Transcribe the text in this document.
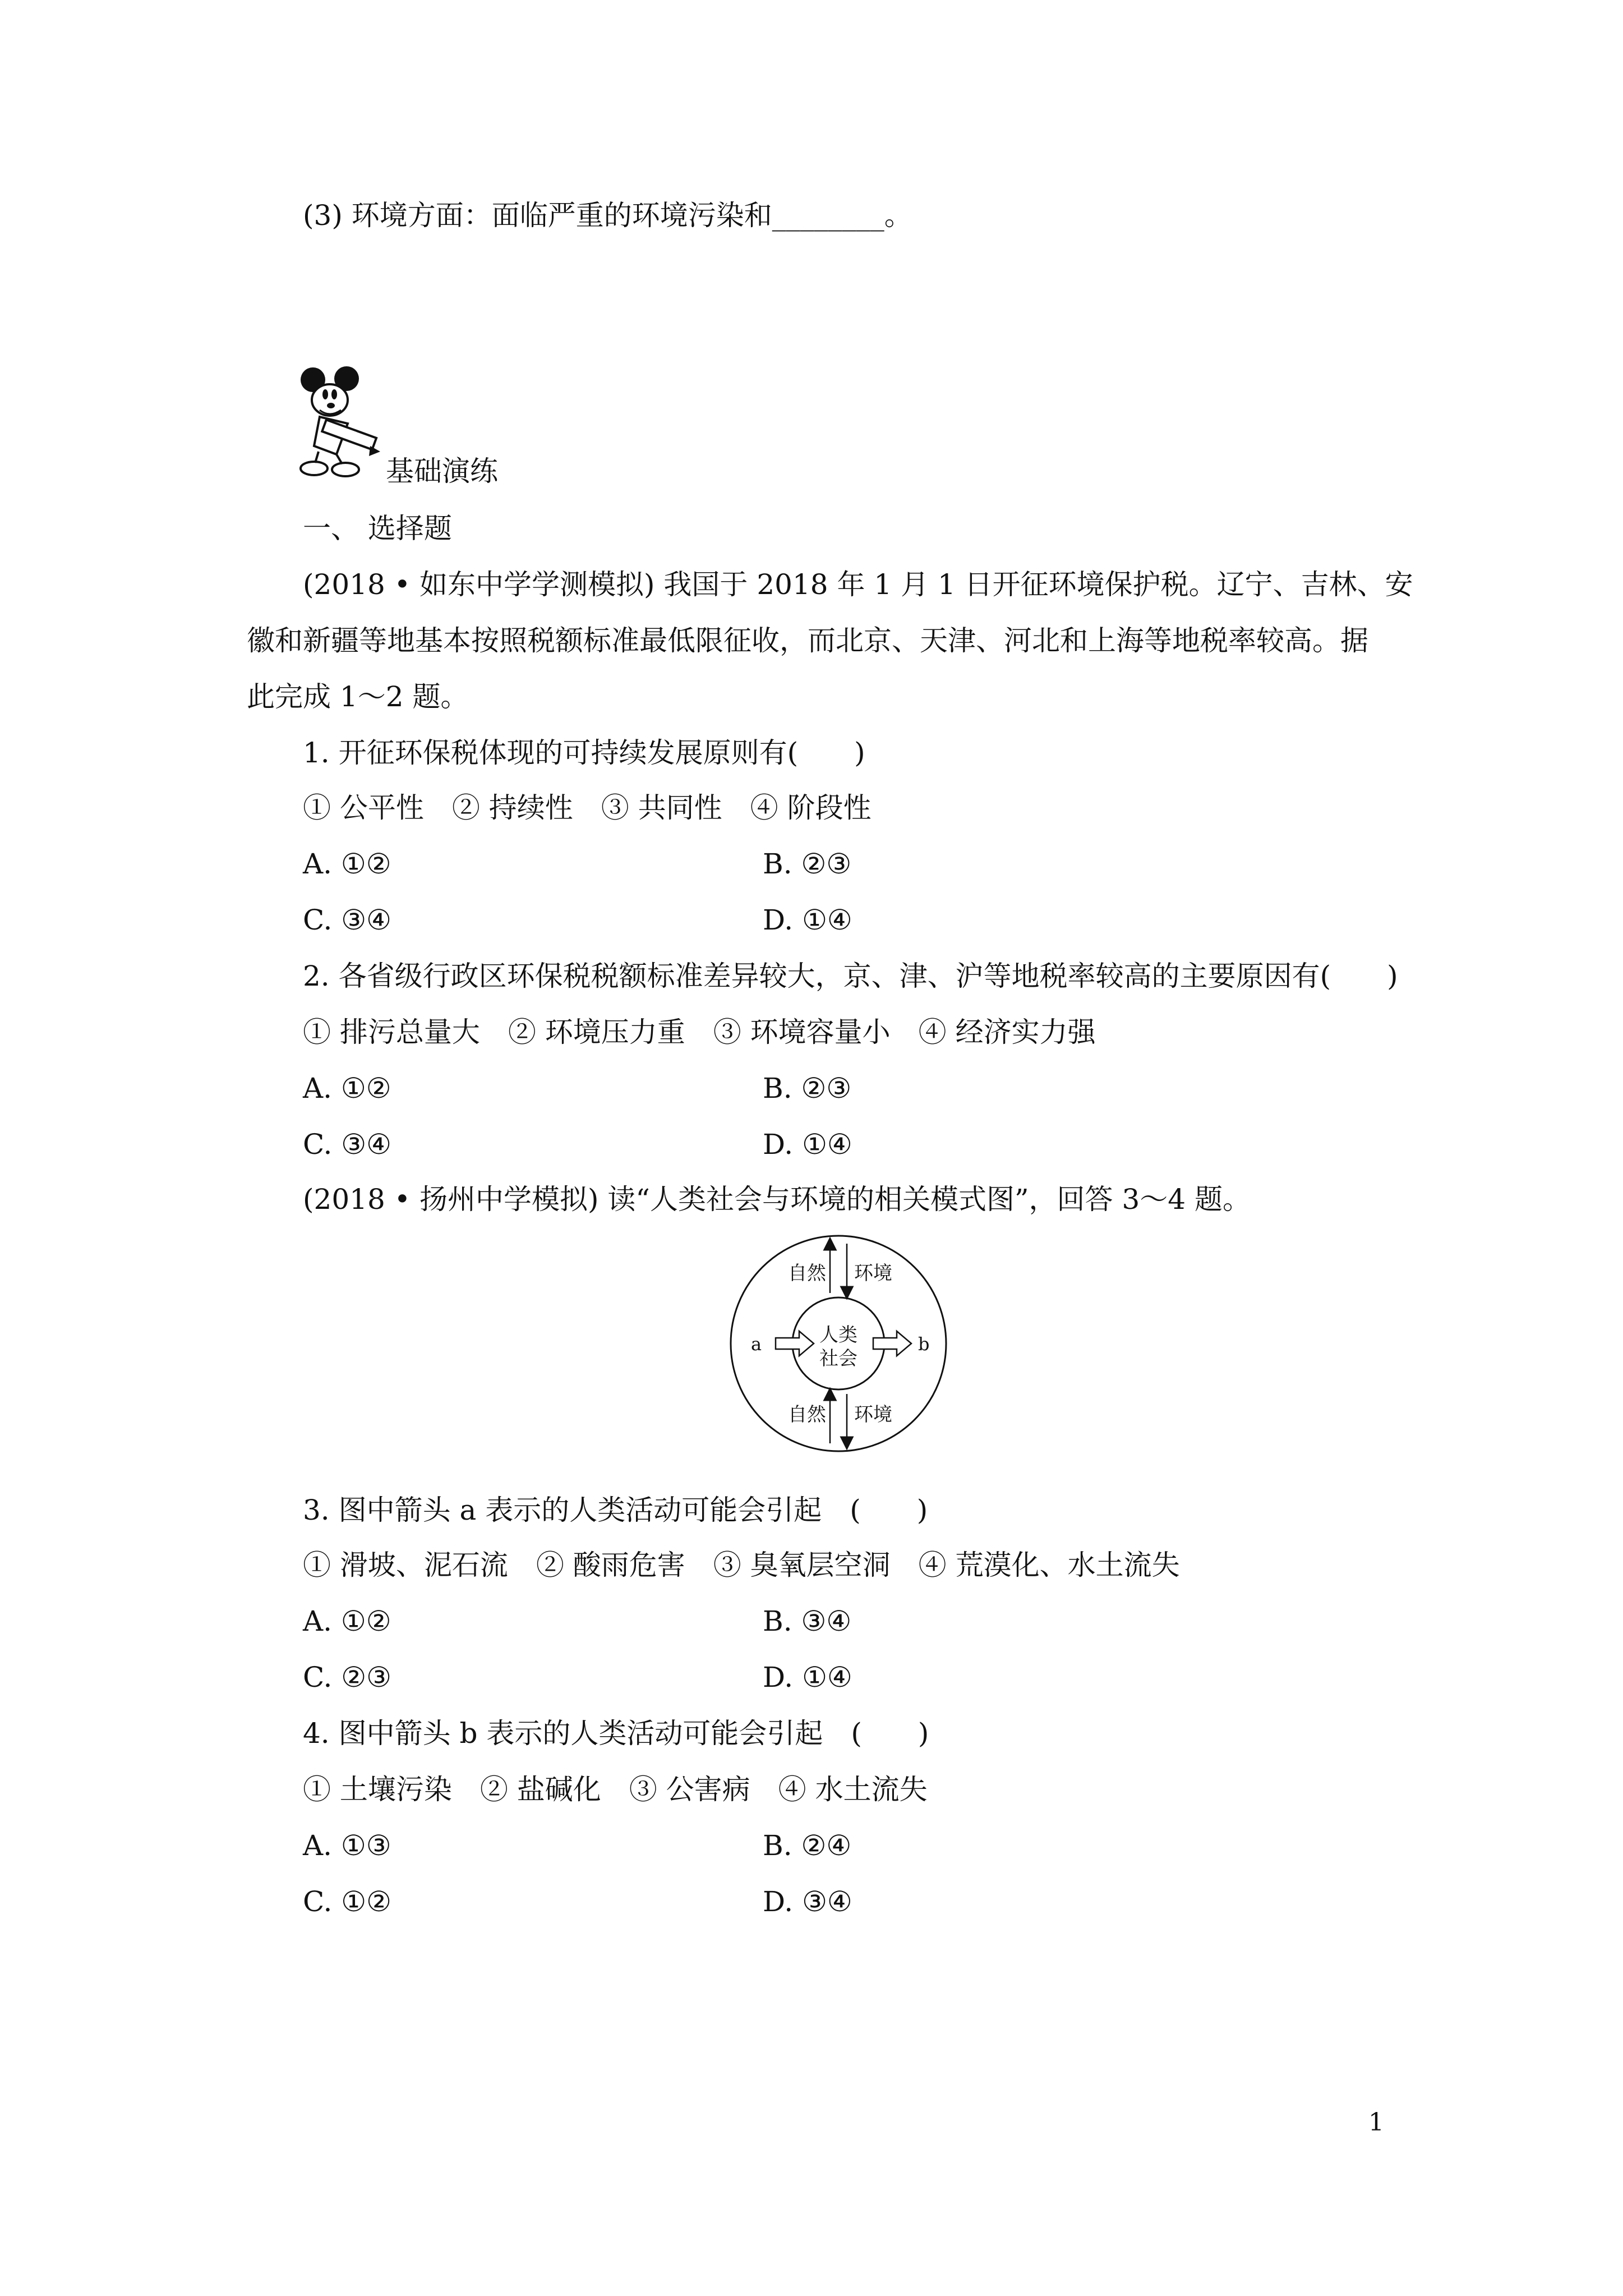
(3) 环境方面：面临严重的环境污染和________。
基础演练
一、 选择题
(2018 • 如东中学学测模拟) 我国于 2018 年 1 月 1 日开征环境保护税。辽宁、吉林、安
徽和新疆等地基本按照税额标准最低限征收，而北京、天津、河北和上海等地税率较高。据
此完成 1～2 题。
1. 开征环保税体现的可持续发展原则有(　　)
① 公平性　② 持续性　③ 共同性　④ 阶段性
A. ①②	B. ②③
C. ③④	D. ①④
2. 各省级行政区环保税税额标准差异较大，京、津、沪等地税率较高的主要原因有(　　)
① 排污总量大　② 环境压力重　③ 环境容量小　④ 经济实力强
A. ①②	B. ②③
C. ③④	D. ①④
(2018 • 扬州中学模拟) 读“人类社会与环境的相关模式图”，回答 3～4 题。
自然 环境
自然 环境
人类
社会
a	b
3. 图中箭头 a 表示的人类活动可能会引起　(　　)
① 滑坡、泥石流　② 酸雨危害　③ 臭氧层空洞　④ 荒漠化、水土流失
A. ①②	B. ③④
C. ②③	D. ①④
4. 图中箭头 b 表示的人类活动可能会引起　(　　)
① 土壤污染　② 盐碱化　③ 公害病　④ 水土流失
A. ①③	B. ②④
C. ①②	D. ③④
1
